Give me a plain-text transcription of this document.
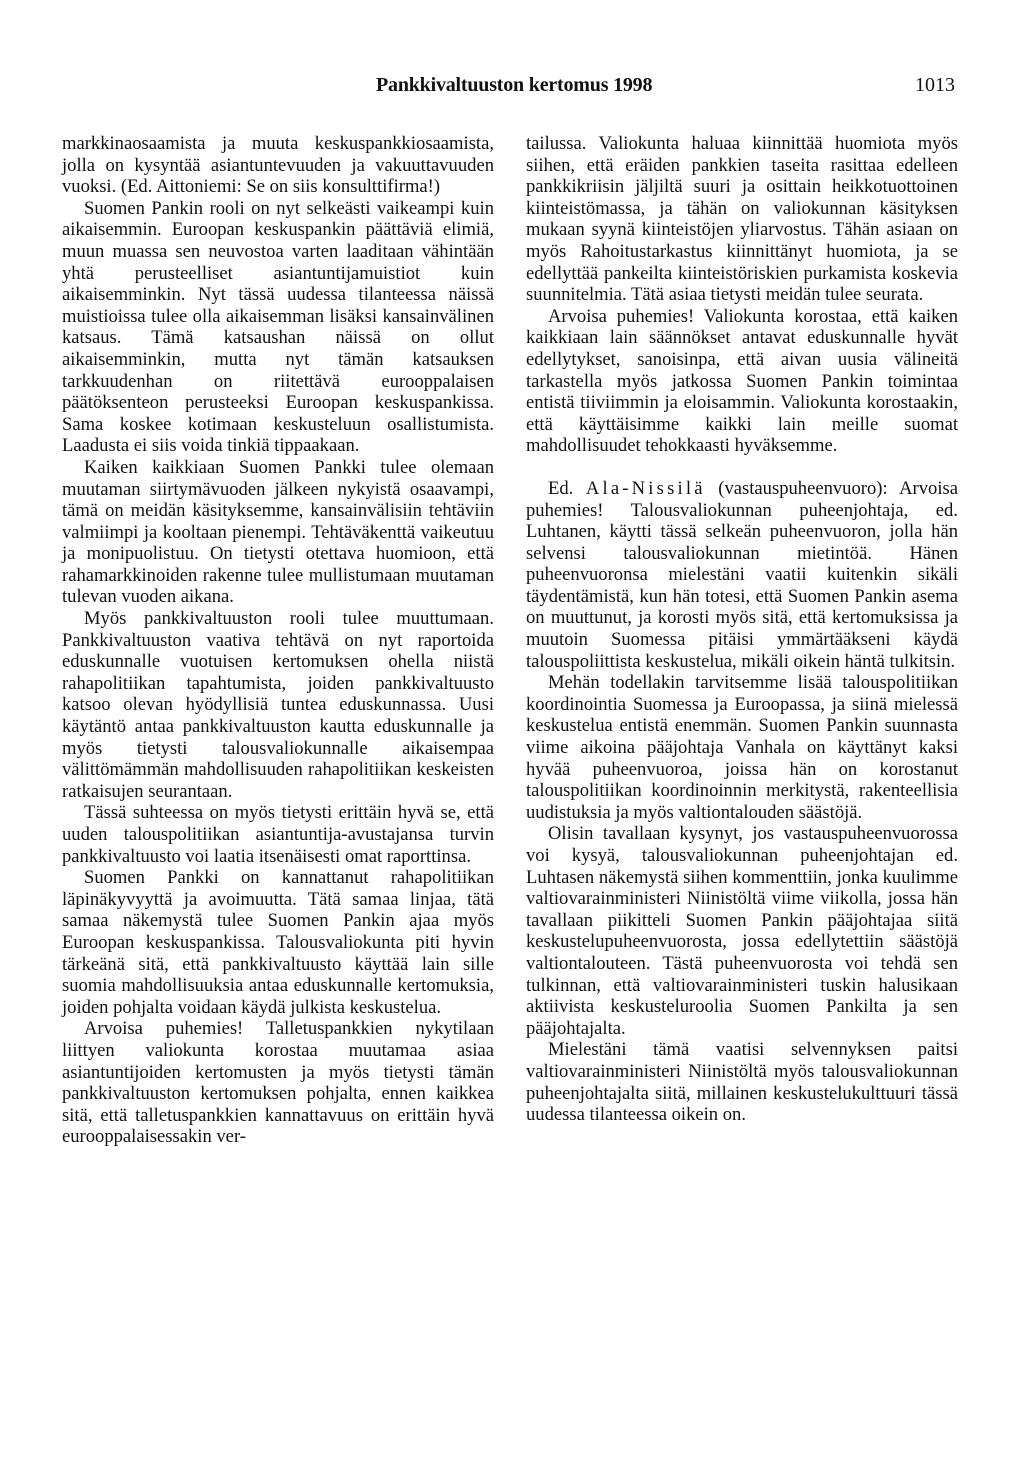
Pankkivaltuuston kertomus 1998	1013

markkinaosaamista ja muuta keskuspankkiosaamista, jolla on kysyntää asiantuntevuuden ja vakuuttavuuden vuoksi. (Ed. Aittoniemi: Se on siis konsulttifirma!)

Suomen Pankin rooli on nyt selkeästi vaikeampi kuin aikaisemmin. Euroopan keskuspankin päättäviä elimiä, muun muassa sen neuvostoa varten laaditaan vähintään yhtä perusteelliset asiantuntijamuistiot kuin aikaisemminkin. Nyt tässä uudessa tilanteessa näissä muistioissa tulee olla aikaisemman lisäksi kansainvälinen katsaus. Tämä katsaushan näissä on ollut aikaisemminkin, mutta nyt tämän katsauksen tarkkuudenhan on riitettävä eurooppalaisen päätöksenteon perusteeksi Euroopan keskuspankissa. Sama koskee kotimaan keskusteluun osallistumista. Laadusta ei siis voida tinkiä tippaakaan.

Kaiken kaikkiaan Suomen Pankki tulee olemaan muutaman siirtymävuoden jälkeen nykyistä osaavampi, tämä on meidän käsityksemme, kansainvälisiin tehtäviin valmiimpi ja kooltaan pienempi. Tehtäväkenttä vaikeutuu ja monipuolistuu. On tietysti otettava huomioon, että rahamarkkinoiden rakenne tulee mullistumaan muutaman tulevan vuoden aikana.

Myös pankkivaltuuston rooli tulee muuttumaan. Pankkivaltuuston vaativa tehtävä on nyt raportoida eduskunnalle vuotuisen kertomuksen ohella niistä rahapolitiikan tapahtumista, joiden pankkivaltuusto katsoo olevan hyödyllisiä tuntea eduskunnassa. Uusi käytäntö antaa pankkivaltuuston kautta eduskunnalle ja myös tietysti talousvaliokunnalle aikaisempaa välittömämmän mahdollisuuden rahapolitiikan keskeisten ratkaisujen seurantaan.

Tässä suhteessa on myös tietysti erittäin hyvä se, että uuden talouspolitiikan asiantuntija-avustajansa turvin pankkivaltuusto voi laatia itsenäisesti omat raporttinsa.

Suomen Pankki on kannattanut rahapolitiikan läpinäkyvyyttä ja avoimuutta. Tätä samaa linjaa, tätä samaa näkemystä tulee Suomen Pankin ajaa myös Euroopan keskuspankissa. Talousvaliokunta piti hyvin tärkeänä sitä, että pankkivaltuusto käyttää lain sille suomia mahdollisuuksia antaa eduskunnalle kertomuksia, joiden pohjalta voidaan käydä julkista keskustelua.

Arvoisa puhemies! Talletuspankkien nykytilaan liittyen valiokunta korostaa muutamaa asiaa asiantuntijoiden kertomusten ja myös tietysti tämän pankkivaltuuston kertomuksen pohjalta, ennen kaikkea sitä, että talletuspankkien kannattavuus on erittäin hyvä eurooppalaisessakin ver-

tailussa. Valiokunta haluaa kiinnittää huomiota myös siihen, että eräiden pankkien taseita rasittaa edelleen pankkikriisin jäljiltä suuri ja osittain heikkotuottoinen kiinteistömassa, ja tähän on valiokunnan käsityksen mukaan syynä kiinteistöjen yliarvostus. Tähän asiaan on myös Rahoitustarkastus kiinnittänyt huomiota, ja se edellyttää pankeilta kiinteistöriskien purkamista koskevia suunnitelmia. Tätä asiaa tietysti meidän tulee seurata.

Arvoisa puhemies! Valiokunta korostaa, että kaiken kaikkiaan lain säännökset antavat eduskunnalle hyvät edellytykset, sanoisinpa, että aivan uusia välineitä tarkastella myös jatkossa Suomen Pankin toimintaa entistä tiiviimmin ja eloisammin. Valiokunta korostaakin, että käyttäisimme kaikki lain meille suomat mahdollisuudet tehokkaasti hyväksemme.

Ed. Ala-Nissilä (vastauspuheenvuoro): Arvoisa puhemies! Talousvaliokunnan puheenjohtaja, ed. Luhtanen, käytti tässä selkeän puheenvuoron, jolla hän selvensi talousvaliokunnan mietintöä. Hänen puheenvuoronsa mielestäni vaatii kuitenkin sikäli täydentämistä, kun hän totesi, että Suomen Pankin asema on muuttunut, ja korosti myös sitä, että kertomuksissa ja muutoin Suomessa pitäisi ymmärtääkseni käydä talouspoliittista keskustelua, mikäli oikein häntä tulkitsin.

Mehän todellakin tarvitsemme lisää talouspolitiikan koordinointia Suomessa ja Euroopassa, ja siinä mielessä keskustelua entistä enemmän. Suomen Pankin suunnasta viime aikoina pääjohtaja Vanhala on käyttänyt kaksi hyvää puheenvuoroa, joissa hän on korostanut talouspolitiikan koordinoinnin merkitystä, rakenteellisia uudistuksia ja myös valtiontalouden säästöjä.

Olisin tavallaan kysynyt, jos vastauspuheenvuorossa voi kysyä, talousvaliokunnan puheenjohtajan ed. Luhtasen näkemystä siihen kommenttiin, jonka kuulimme valtiovarainministeri Niinistöltä viime viikolla, jossa hän tavallaan piikitteli Suomen Pankin pääjohtajaa siitä keskustelupuheenvuorosta, jossa edellytettiin säästöjä valtiontalouteen. Tästä puheenvuorosta voi tehdä sen tulkinnan, että valtiovarainministeri tuskin halusikaan aktiivista keskusteluroolia Suomen Pankilta ja sen pääjohtajalta.

Mielestäni tämä vaatisi selvennyksen paitsi valtiovarainministeri Niinistöltä myös talousvaliokunnan puheenjohtajalta siitä, millainen keskustelukulttuuri tässä uudessa tilanteessa oikein on.
